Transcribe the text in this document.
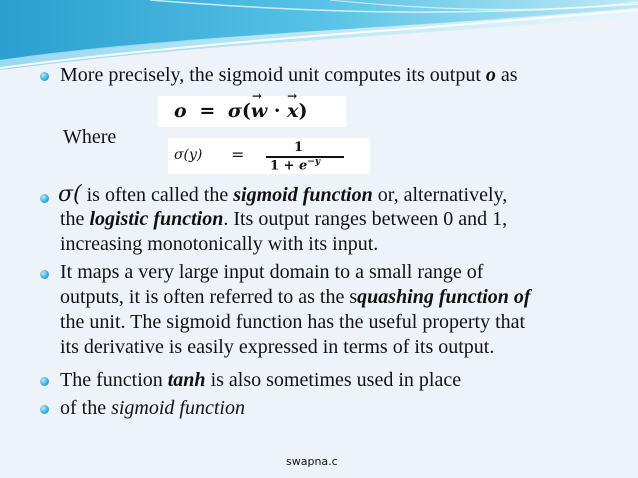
More precisely, the sigmoid unit computes its output o as
o = σ(
→
w ·
→
x)
Where
σ(y) =	1
$1 + e^{-y}$
σ( is often called the sigmoid function or, alternatively,
the logistic function. Its output ranges between 0 and 1,
increasing monotonically with its input.
It maps a very large input domain to a small range of
outputs, it is often referred to as the squashing function of
the unit. The sigmoid function has the useful property that
its derivative is easily expressed in terms of its output.
The function tanh is also sometimes used in place
of the sigmoid function
swapna.c
